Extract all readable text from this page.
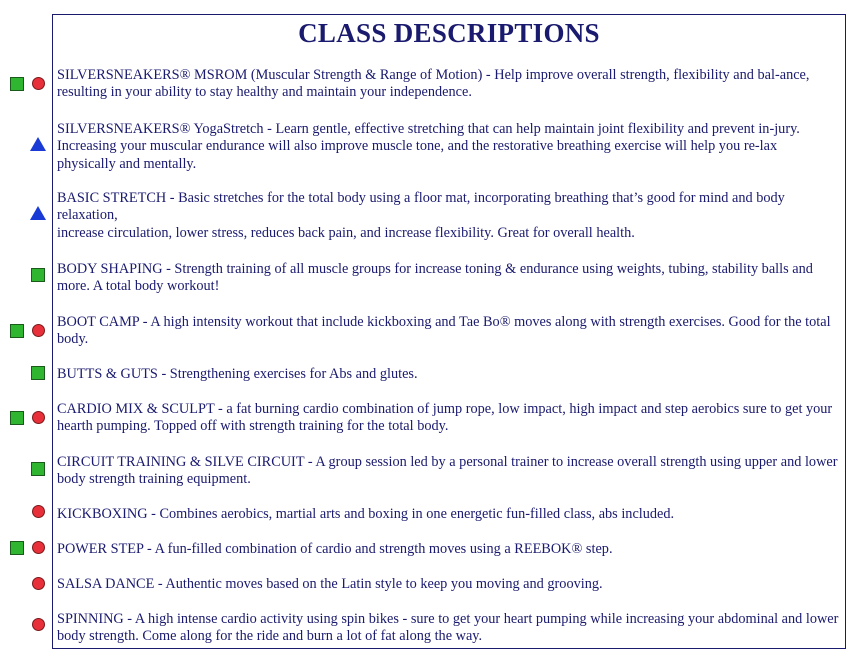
CLASS DESCRIPTIONS
SILVERSNEAKERS® MSROM (Muscular Strength & Range of Motion) - Help improve overall strength, flexibility and bal-ance, resulting in your ability to stay healthy and maintain your independence.
SILVERSNEAKERS® YogaStretch - Learn gentle, effective stretching that can help maintain joint flexibility and prevent in-jury. Increasing your muscular endurance will also improve muscle tone, and the restorative breathing exercise will help you re-lax physically and mentally.
BASIC STRETCH - Basic stretches for the total body using a floor mat, incorporating breathing that’s good for mind and body relaxation,
increase circulation, lower stress, reduces back pain, and increase flexibility. Great for overall health.
BODY SHAPING - Strength training of all muscle groups for increase toning & endurance using weights, tubing, stability balls and more. A total body workout!
BOOT CAMP - A high intensity workout that include kickboxing and Tae Bo® moves along with strength exercises. Good for the total body.
BUTTS & GUTS - Strengthening exercises for Abs and glutes.
CARDIO MIX & SCULPT - a fat burning cardio combination of jump rope, low impact, high impact and step aerobics sure to get your hearth pumping. Topped off with strength training for the total body.
CIRCUIT TRAINING & SILVE CIRCUIT - A group session led by a personal trainer to increase overall strength using upper and lower body strength training equipment.
KICKBOXING - Combines aerobics, martial arts and boxing in one energetic fun-filled class, abs included.
POWER STEP - A fun-filled combination of cardio and strength moves using a REEBOK® step.
SALSA DANCE - Authentic moves based on the Latin style to keep you moving and grooving.
SPINNING - A high intense cardio activity using spin bikes - sure to get your heart pumping while increasing your abdominal and lower body strength. Come along for the ride and burn a lot of fat along the way.
